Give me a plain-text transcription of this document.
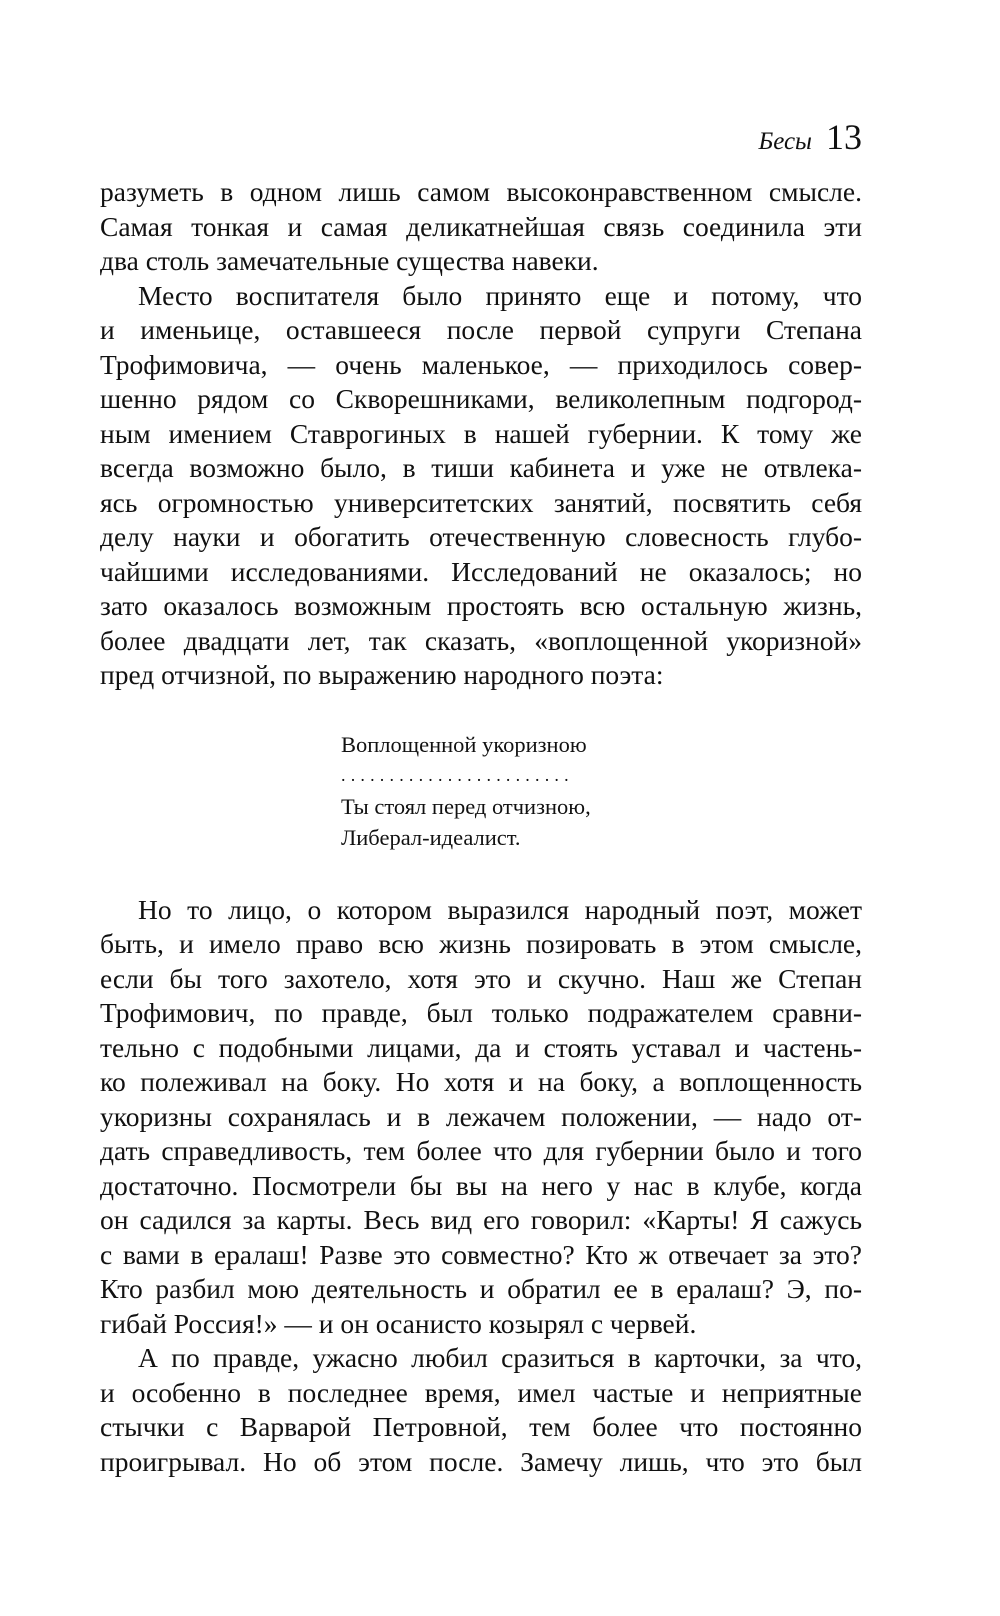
Бесы 13
разуметь в одном лишь самом высоконравственном смысле.
Самая тонкая и самая деликатнейшая связь соединила эти
два столь замечательные существа навеки.
Место воспитателя было принято еще и потому, что
и именьице, оставшееся после первой супруги Степана
Трофимовича, — очень маленькое, — приходилось совер-
шенно рядом со Скворешниками, великолепным подгород-
ным имением Ставрогиных в нашей губернии. К тому же
всегда возможно было, в тиши кабинета и уже не отвлека-
ясь огромностью университетских занятий, посвятить себя
делу науки и обогатить отечественную словесность глубо-
чайшими исследованиями. Исследований не оказалось; но
зато оказалось возможным простоять всю остальную жизнь,
более двадцати лет, так сказать, «воплощенной укоризной»
пред отчизной, по выражению народного поэта:
Воплощенной укоризною
........................
Ты стоял перед отчизною,
Либерал-идеалист.
Но то лицо, о котором выразился народный поэт, может
быть, и имело право всю жизнь позировать в этом смысле,
если бы того захотело, хотя это и скучно. Наш же Степан
Трофимович, по правде, был только подражателем сравни-
тельно с подобными лицами, да и стоять уставал и частень-
ко полеживал на боку. Но хотя и на боку, а воплощенность
укоризны сохранялась и в лежачем положении, — надо от-
дать справедливость, тем более что для губернии было и того
достаточно. Посмотрели бы вы на него у нас в клубе, когда
он садился за карты. Весь вид его говорил: «Карты! Я сажусь
с вами в ералаш! Разве это совместно? Кто ж отвечает за это?
Кто разбил мою деятельность и обратил ее в ералаш? Э, по-
гибай Россия!» — и он осанисто козырял с червей.
А по правде, ужасно любил сразиться в карточки, за что,
и особенно в последнее время, имел частые и неприятные
стычки с Варварой Петровной, тем более что постоянно
проигрывал. Но об этом после. Замечу лишь, что это был
